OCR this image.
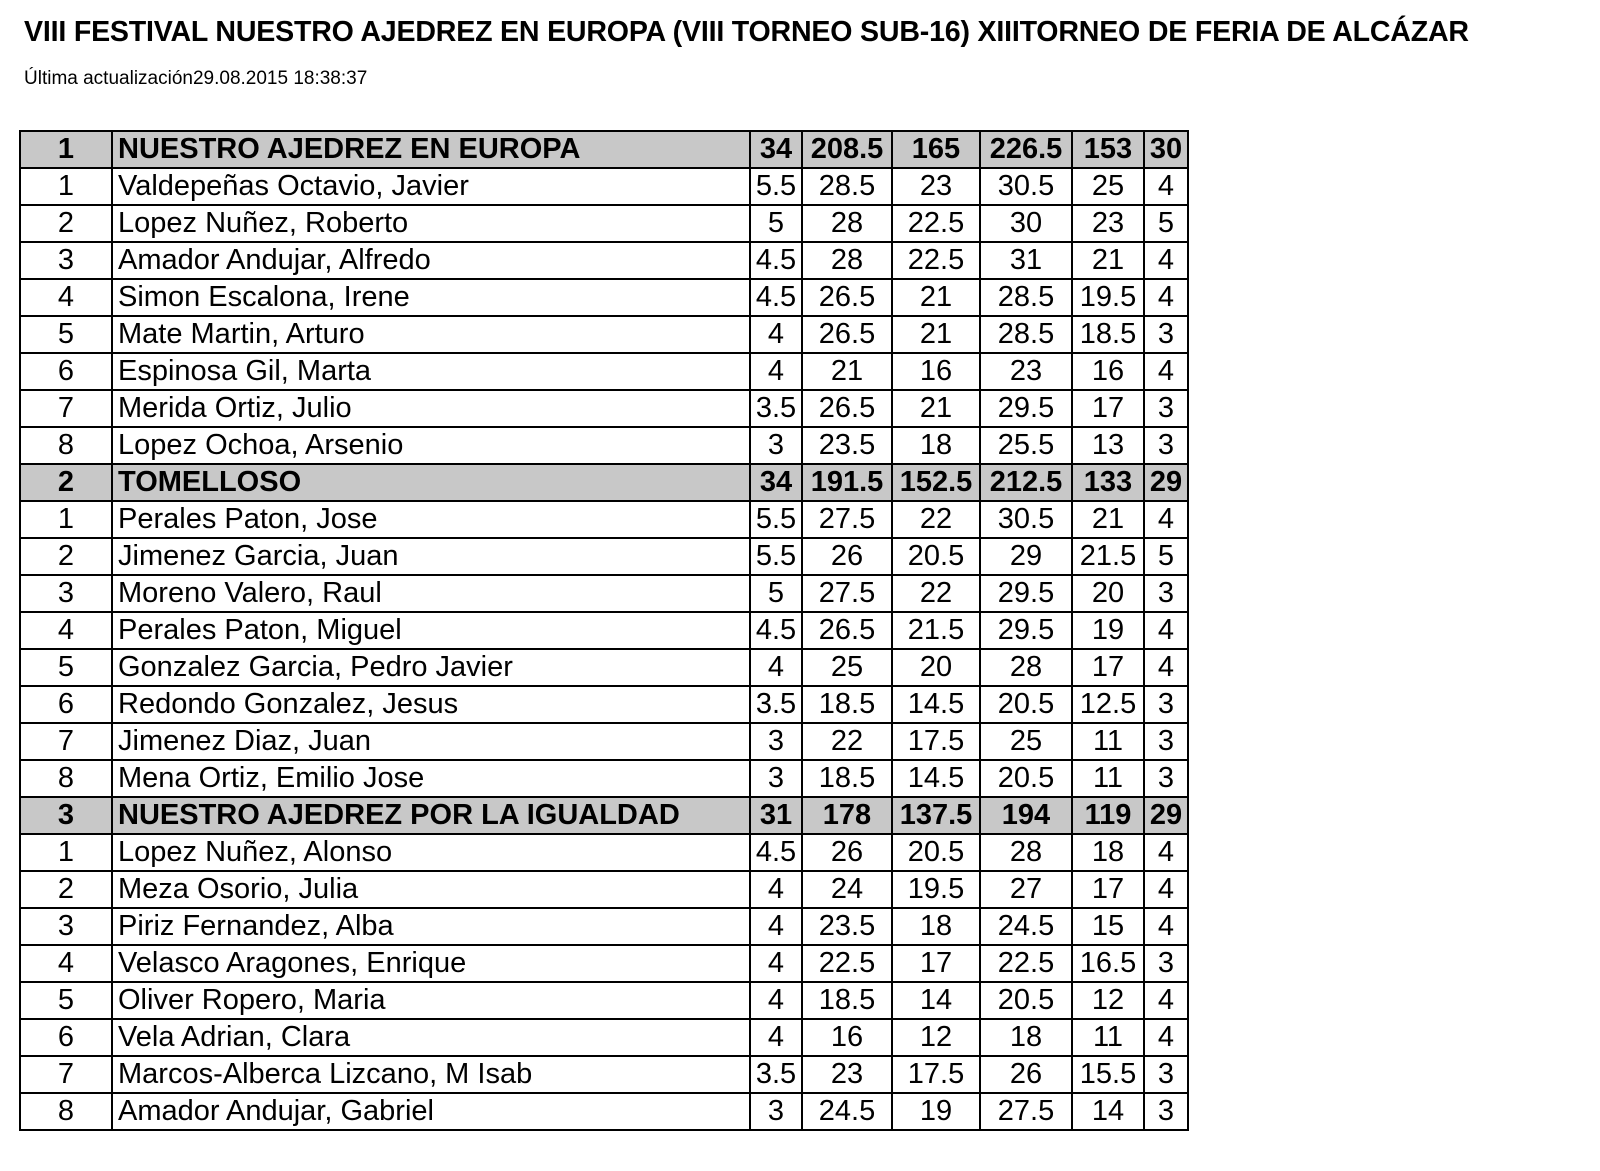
VIII FESTIVAL NUESTRO AJEDREZ EN EUROPA (VIII TORNEO SUB-16) XIIITORNEO DE FERIA DE ALCÁZAR
Última actualización29.08.2015 18:38:37
1	NUESTRO AJEDREZ EN EUROPA	34	208.5	165	226.5	153	30
1	Valdepeñas Octavio, Javier	5.5	28.5	23	30.5	25	4
2	Lopez Nuñez, Roberto	5	28	22.5	30	23	5
3	Amador Andujar, Alfredo	4.5	28	22.5	31	21	4
4	Simon Escalona, Irene	4.5	26.5	21	28.5	19.5	4
5	Mate Martin, Arturo	4	26.5	21	28.5	18.5	3
6	Espinosa Gil, Marta	4	21	16	23	16	4
7	Merida Ortiz, Julio	3.5	26.5	21	29.5	17	3
8	Lopez Ochoa, Arsenio	3	23.5	18	25.5	13	3
2	TOMELLOSO	34	191.5	152.5	212.5	133	29
1	Perales Paton, Jose	5.5	27.5	22	30.5	21	4
2	Jimenez Garcia, Juan	5.5	26	20.5	29	21.5	5
3	Moreno Valero, Raul	5	27.5	22	29.5	20	3
4	Perales Paton, Miguel	4.5	26.5	21.5	29.5	19	4
5	Gonzalez Garcia, Pedro Javier	4	25	20	28	17	4
6	Redondo Gonzalez, Jesus	3.5	18.5	14.5	20.5	12.5	3
7	Jimenez Diaz, Juan	3	22	17.5	25	11	3
8	Mena Ortiz, Emilio Jose	3	18.5	14.5	20.5	11	3
3	NUESTRO AJEDREZ POR LA IGUALDAD	31	178	137.5	194	119	29
1	Lopez Nuñez, Alonso	4.5	26	20.5	28	18	4
2	Meza Osorio, Julia	4	24	19.5	27	17	4
3	Piriz Fernandez, Alba	4	23.5	18	24.5	15	4
4	Velasco Aragones, Enrique	4	22.5	17	22.5	16.5	3
5	Oliver Ropero, Maria	4	18.5	14	20.5	12	4
6	Vela Adrian, Clara	4	16	12	18	11	4
7	Marcos-Alberca Lizcano, M Isab	3.5	23	17.5	26	15.5	3
8	Amador Andujar, Gabriel	3	24.5	19	27.5	14	3
